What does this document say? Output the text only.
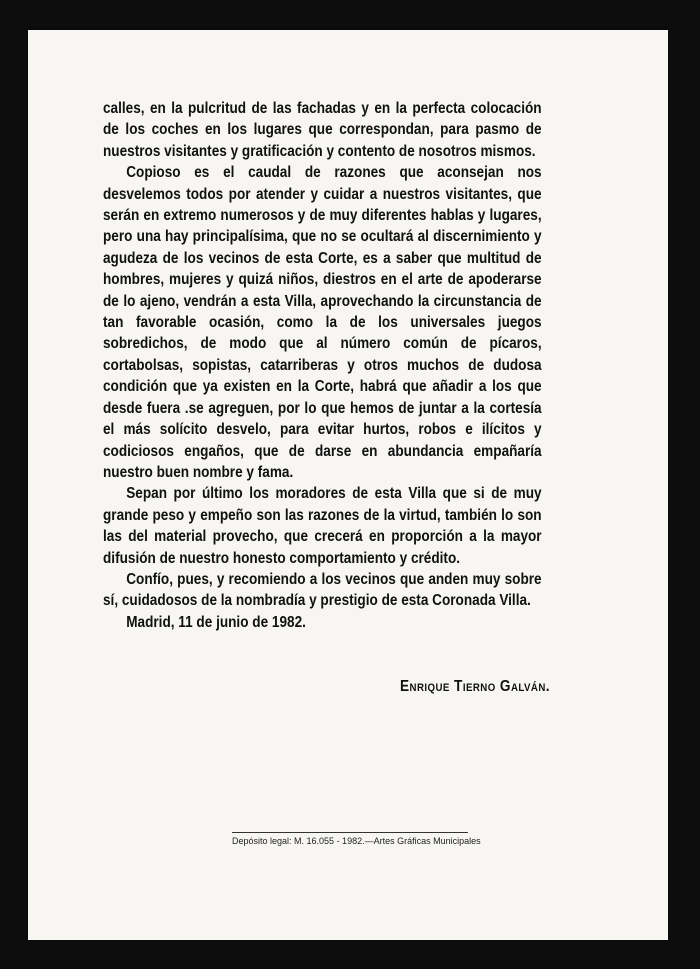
calles, en la pulcritud de las fachadas y en la perfecta colocación de los coches en los lugares que correspondan, para pasmo de nuestros visitantes y gratificación y contento de nosotros mismos.

Copioso es el caudal de razones que aconsejan nos desvelemos todos por atender y cuidar a nuestros visitantes, que serán en extremo numerosos y de muy diferentes hablas y lugares, pero una hay principalísima, que no se ocultará al discernimiento y agudeza de los vecinos de esta Corte, es a saber que multitud de hombres, mujeres y quizá niños, diestros en el arte de apoderarse de lo ajeno, vendrán a esta Villa, aprovechando la circunstancia de tan favorable ocasión, como la de los universales juegos sobredichos, de modo que al número común de pícaros, cortabolsas, sopistas, catarriberas y otros muchos de dudosa condición que ya existen en la Corte, habrá que añadir a los que desde fuera .se agreguen, por lo que hemos de juntar a la cortesía el más solícito desvelo, para evitar hurtos, robos e ilícitos y codiciosos engaños, que de darse en abundancia empañaría nuestro buen nombre y fama.

Sepan por último los moradores de esta Villa que si de muy grande peso y empeño son las razones de la virtud, también lo son las del material provecho, que crecerá en proporción a la mayor difusión de nuestro honesto comportamiento y crédito.

Confío, pues, y recomiendo a los vecinos que anden muy sobre sí, cuidadosos de la nombradía y prestigio de esta Coronada Villa.

Madrid, 11 de junio de 1982.

Enrique Tierno Galván.
Depósito legal: M. 16.055 - 1982.—Artes Gráficas Municipales
